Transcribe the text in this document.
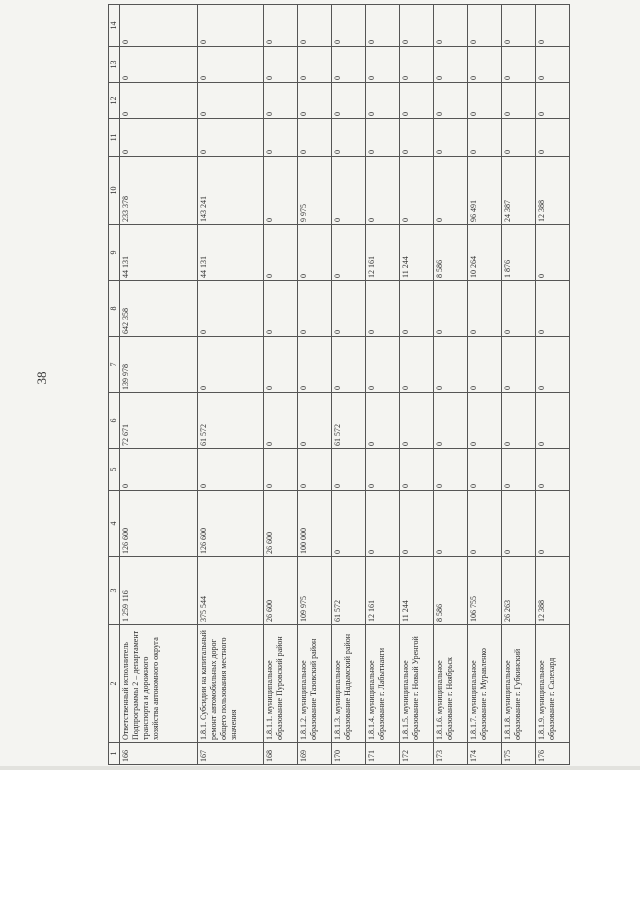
38
1	2	3	4	5	6	7	8	9	10	11	12	13	14
166	Ответственный исполнитель Подпрограммы 2 – департамент транспорта и дорожного хозяйства автономного округа	1 259 116	126 600	0	72 671	139 978	642 358	44 131	233 378	0	0	0	0
167	1.8.1. Субсидии на капитальный ремонт автомобильных дорог общего пользования местного значения	375 544	126 600	0	61 572	0	0	44 131	143 241	0	0	0	0
168	1.8.1.1. муниципальное образование Пуровский район	26 600	26 600	0	0	0	0	0	0	0	0	0	0
169	1.8.1.2. муниципальное образование Тазовский район	109 975	100 000	0	0	0	0	0	9 975	0	0	0	0
170	1.8.1.3. муниципальное образование Надымский район	61 572	0	0	61 572	0	0	0	0	0	0	0	0
171	1.8.1.4. муниципальное образование г. Лабытнанги	12 161	0	0	0	0	0	12 161	0	0	0	0	0
172	1.8.1.5. муниципальное образование г. Новый Уренгой	11 244	0	0	0	0	0	11 244	0	0	0	0	0
173	1.8.1.6. муниципальное образование г. Ноябрьск	8 586	0	0	0	0	0	8 586	0	0	0	0	0
174	1.8.1.7. муниципальное образование г. Муравленко	106 755	0	0	0	0	0	10 264	96 491	0	0	0	0
175	1.8.1.8. муниципальное образование г. Губкинский	26 263	0	0	0	0	0	1 876	24 387	0	0	0	0
176	1.8.1.9. муниципальное образование г. Салехард	12 388	0	0	0	0	0	0	12 388	0	0	0	0
